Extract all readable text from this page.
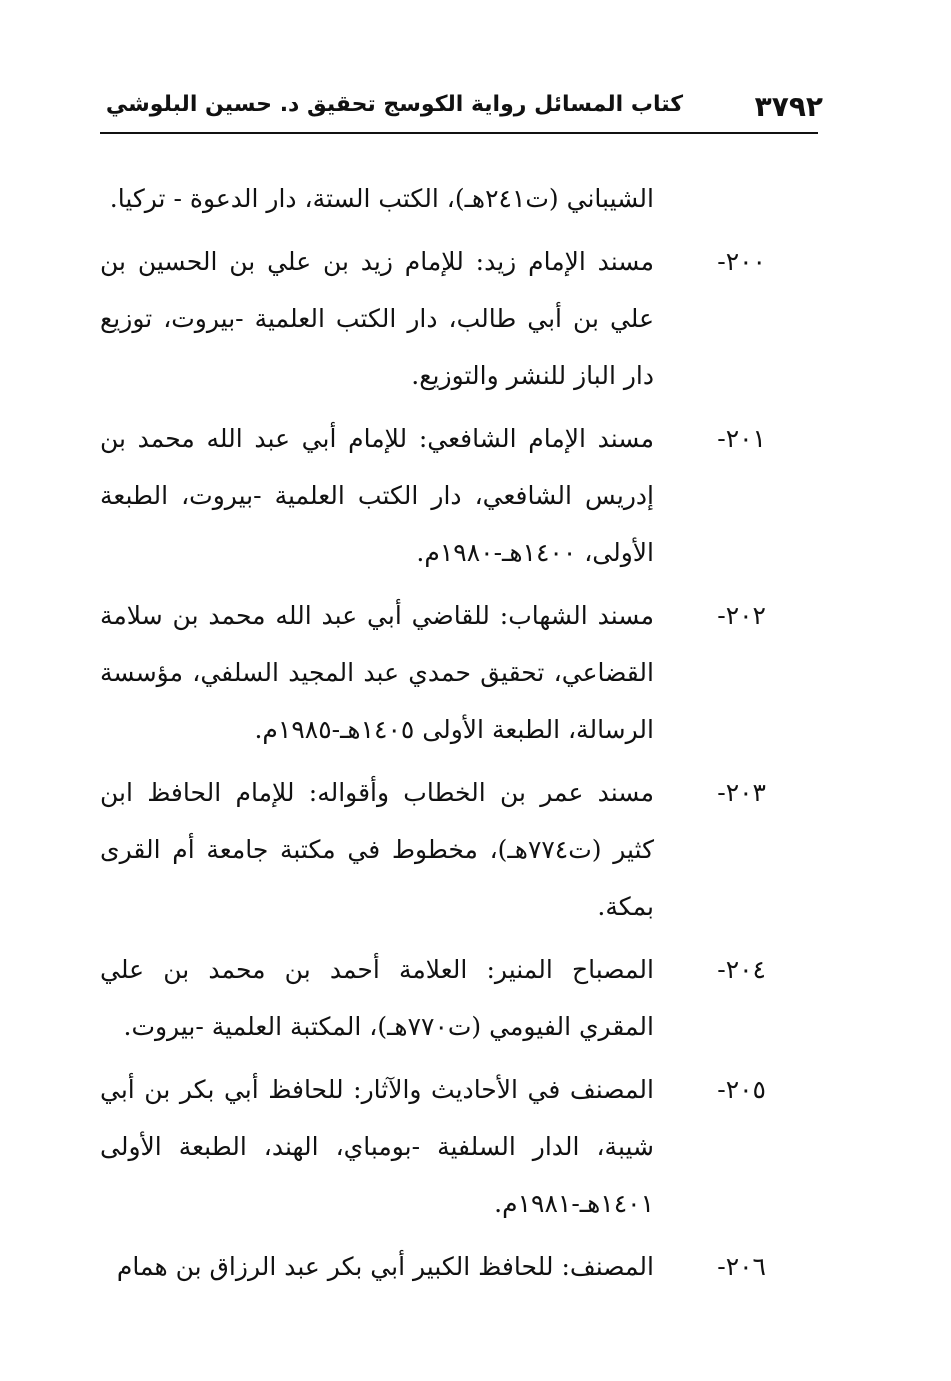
٣٧٩٢
كتاب المسائل رواية الكوسج تحقيق د. حسين البلوشي
الشيباني (ت٢٤١هـ)، الكتب الستة، دار الدعوة - تركيا.
٢٠٠-
مسند الإمام زيد: للإمام زيد بن علي بن الحسين بن علي بن أبي طالب، دار الكتب العلمية -بيروت، توزيع دار الباز للنشر والتوزيع.
٢٠١-
مسند الإمام الشافعي: للإمام أبي عبد الله محمد بن إدريس الشافعي، دار الكتب العلمية -بيروت، الطبعة الأولى، ١٤٠٠هـ-١٩٨٠م.
٢٠٢-
مسند الشهاب: للقاضي أبي عبد الله محمد بن سلامة القضاعي، تحقيق حمدي عبد المجيد السلفي، مؤسسة الرسالة، الطبعة الأولى ١٤٠٥هـ-١٩٨٥م.
٢٠٣-
مسند عمر بن الخطاب وأقواله: للإمام الحافظ ابن كثير (ت٧٧٤هـ)، مخطوط في مكتبة جامعة أم القرى بمكة.
٢٠٤-
المصباح المنير: العلامة أحمد بن محمد بن علي المقري الفيومي (ت٧٧٠هـ)، المكتبة العلمية -بيروت.
٢٠٥-
المصنف في الأحاديث والآثار: للحافظ أبي بكر بن أبي شيبة، الدار السلفية -بومباي، الهند، الطبعة الأولى ١٤٠١هـ-١٩٨١م.
٢٠٦-
المصنف: للحافظ الكبير أبي بكر عبد الرزاق بن همام
